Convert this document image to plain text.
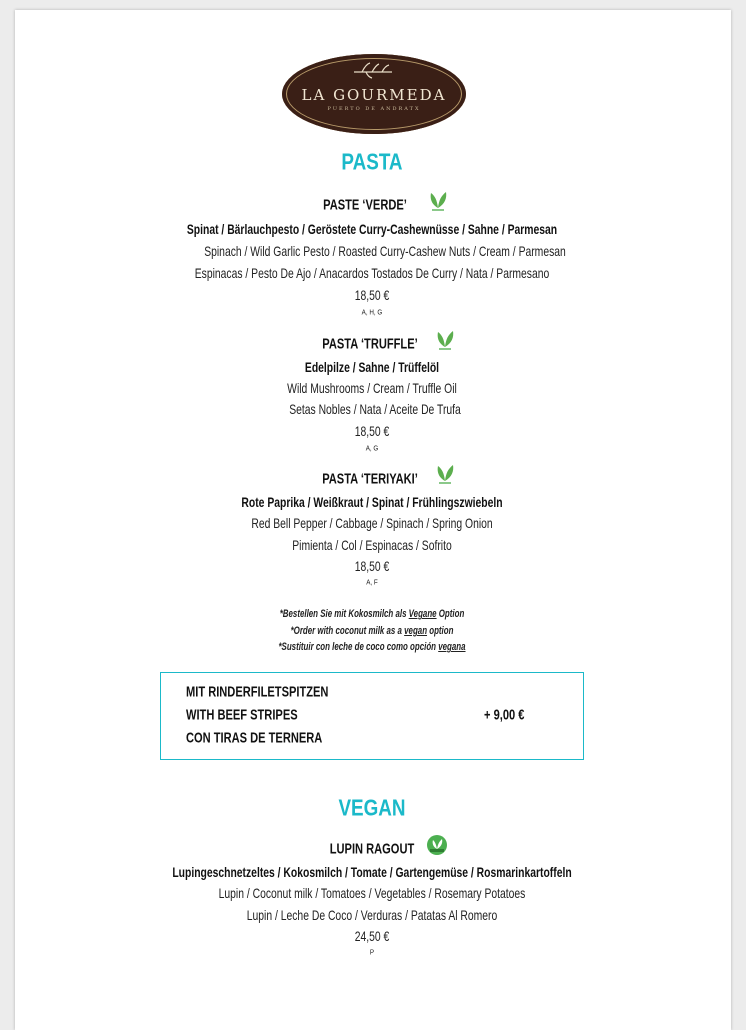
LA GOURMEDA
PUERTO DE ANDRATX
PASTA
PASTE ‘VERDE’
Spinat / Bärlauchpesto / Geröstete Curry-Cashewnüsse / Sahne / Parmesan
Spinach / Wild Garlic Pesto / Roasted Curry-Cashew Nuts / Cream / Parmesan
Espinacas / Pesto De Ajo / Anacardos Tostados De Curry / Nata / Parmesano
18,50 €
A, H, G
PASTA ‘TRUFFLE’
Edelpilze / Sahne / Trüffelöl
Wild Mushrooms / Cream / Truffle Oil
Setas Nobles / Nata / Aceite De Trufa
18,50 €
A, G
PASTA ‘TERIYAKI’
Rote Paprika / Weißkraut / Spinat / Frühlingszwiebeln
Red Bell Pepper / Cabbage / Spinach / Spring Onion
Pimienta / Col / Espinacas / Sofrito
18,50 €
A, F
*Bestellen Sie mit Kokosmilch als Vegane Option
*Order with coconut milk as a vegan option
*Sustituir con leche de coco como opción vegana
MIT RINDERFILETSPITZEN
WITH BEEF STRIPES
CON TIRAS DE TERNERA
+ 9,00 €
VEGAN
LUPIN RAGOUT
Lupingeschnetzeltes / Kokosmilch / Tomate / Gartengemüse / Rosmarinkartoffeln
Lupin / Coconut milk / Tomatoes / Vegetables / Rosemary Potatoes
Lupin / Leche De Coco / Verduras / Patatas Al Romero
24,50 €
P
